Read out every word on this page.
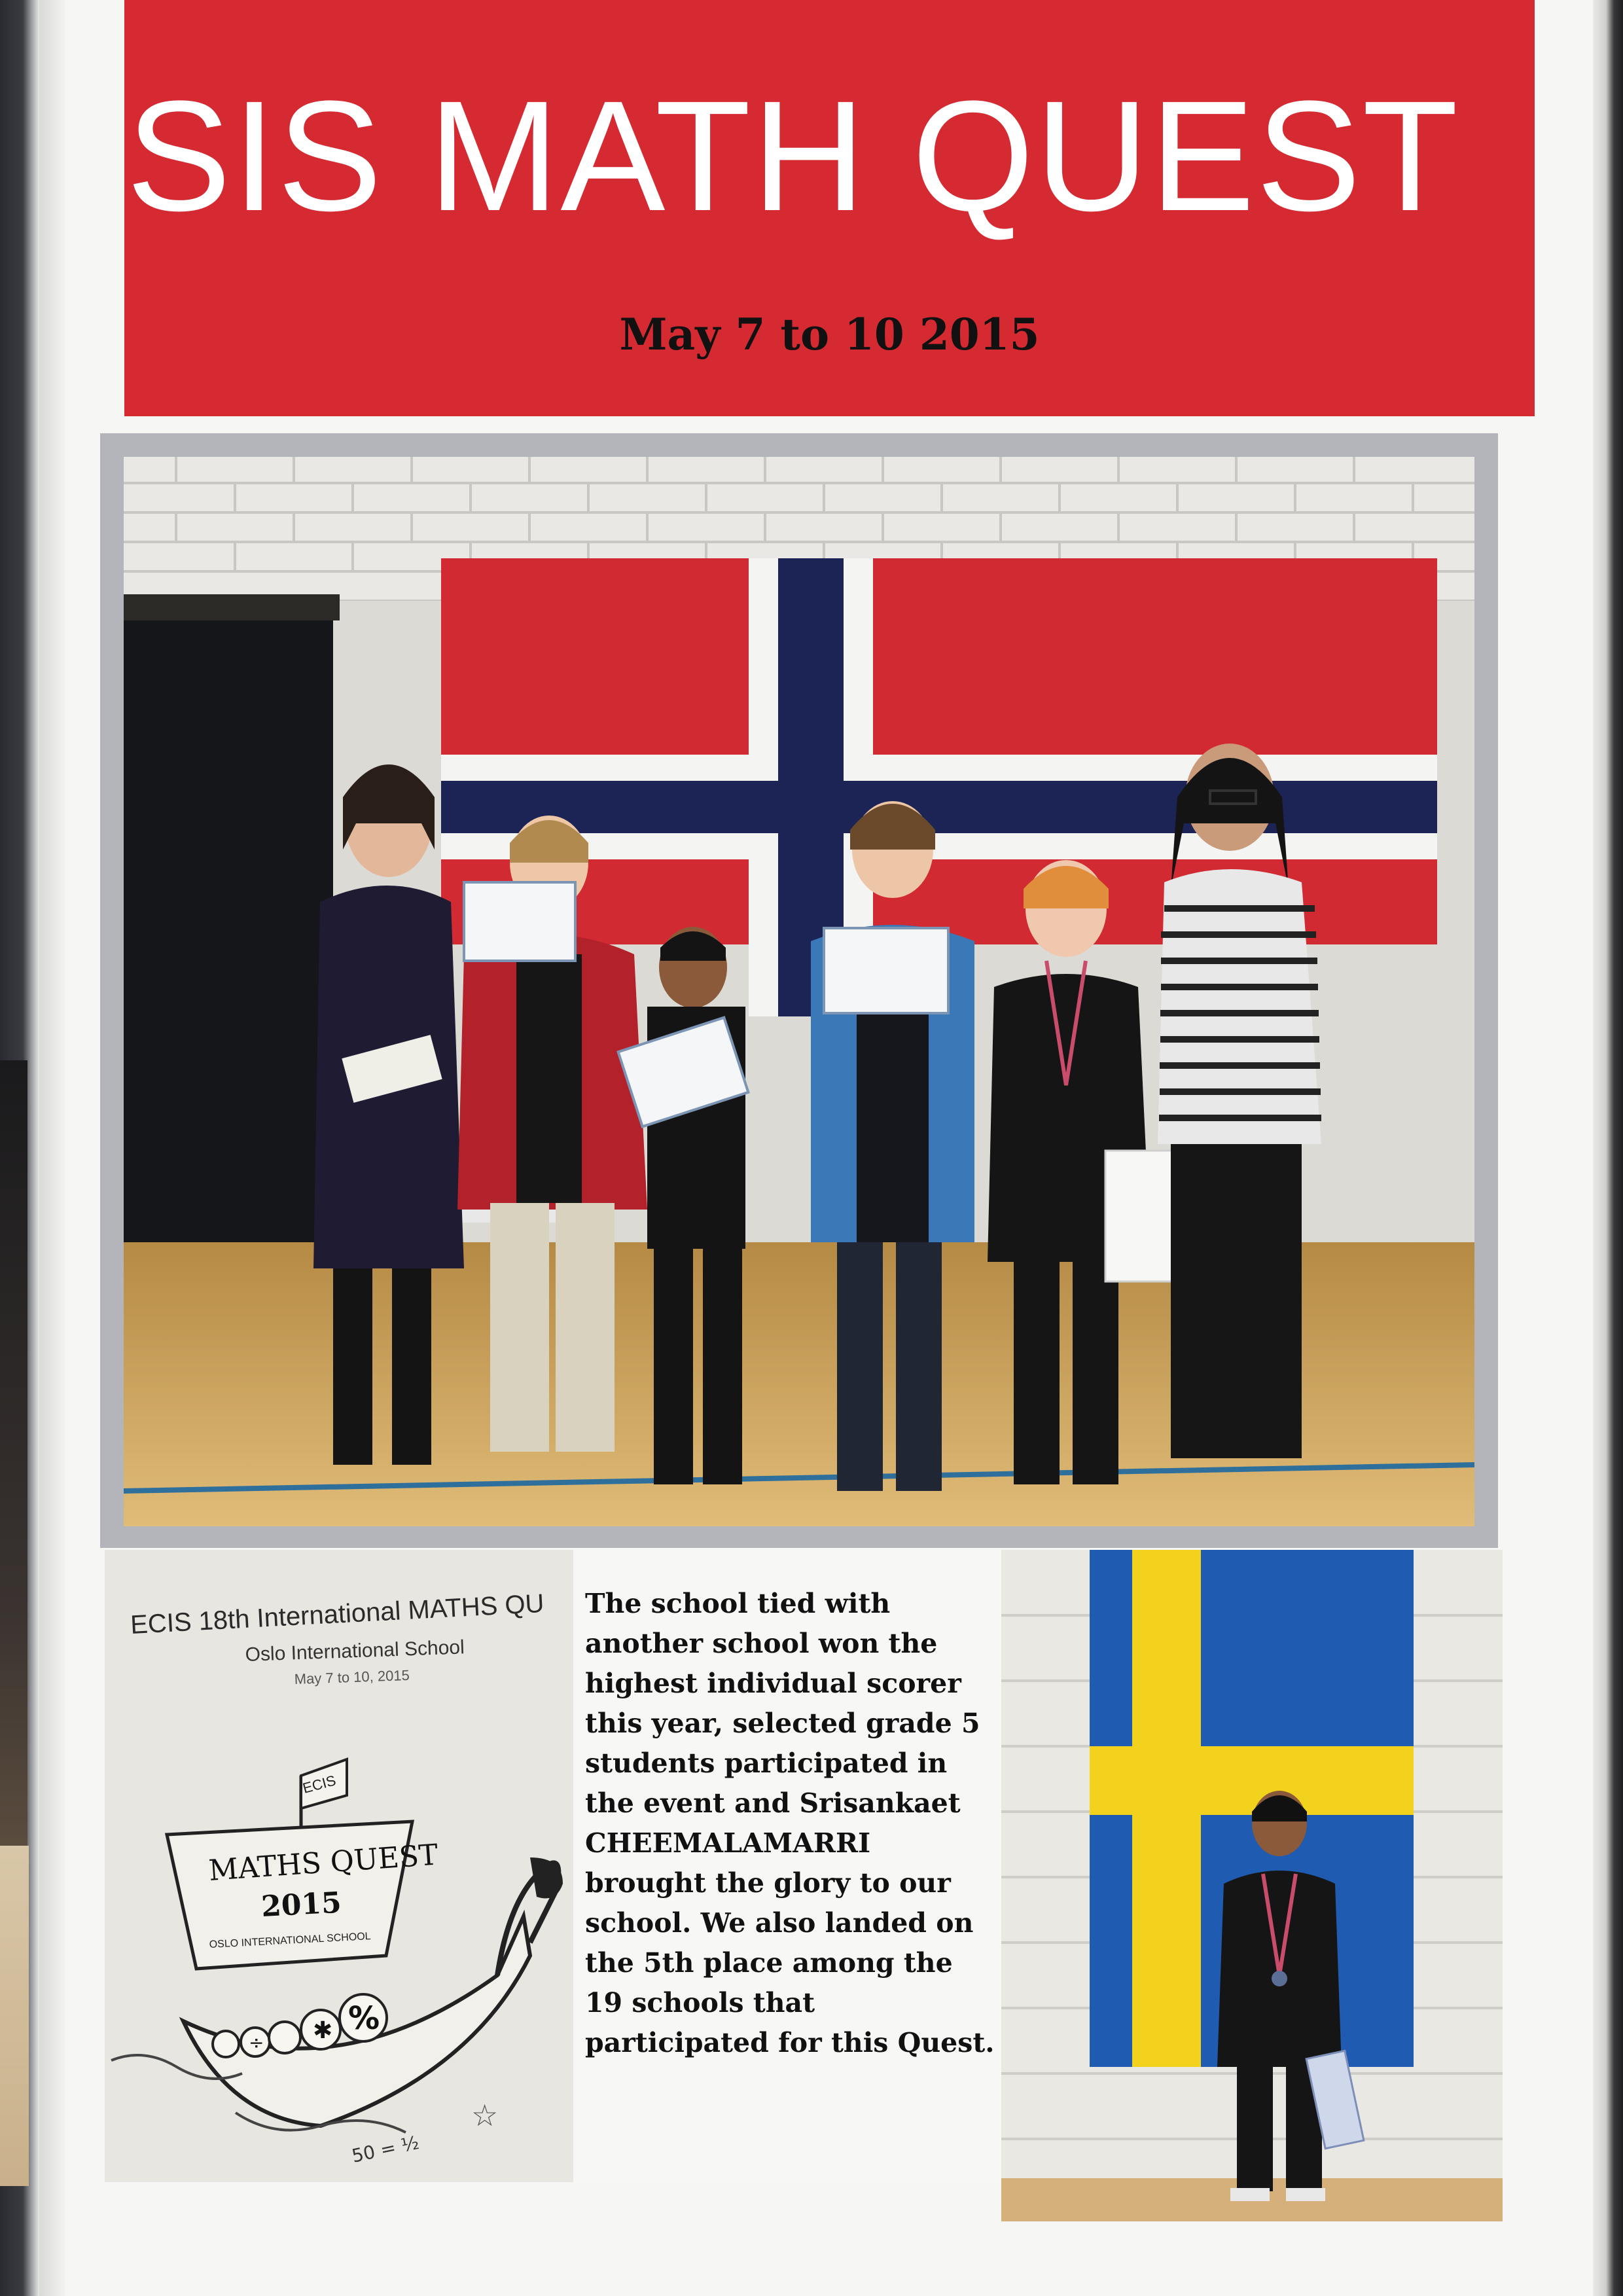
SIS MATH QUEST
May 7 to 10 2015
ECIS 18th International MATHS QU
Oslo International School
May 7 to 10, 2015
ECIS
MATHS QUEST
2015
OSLO INTERNATIONAL SCHOOL
÷ ✱ %
50 = ½
☆
The school tied with another school won the highest individual scorer this year, selected grade 5 students participated in the event and Srisankaet CHEEMALAMARRI brought the glory to our school. We also landed on the 5th place among the 19 schools that participated for this Quest.
